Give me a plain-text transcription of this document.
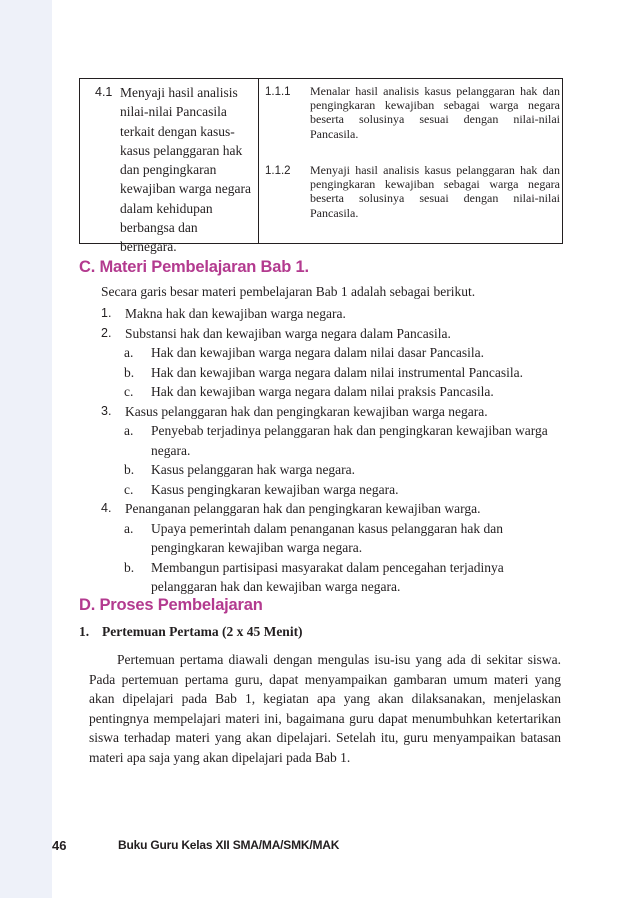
4.1 Menyaji hasil analisis nilai-nilai Pancasila terkait dengan kasus-kasus pelanggaran hak dan pengingkaran kewajiban warga negara dalam kehidupan berbangsa dan bernegara.
1.1.1 Menalar hasil analisis kasus pelanggaran hak dan pengingkaran kewajiban sebagai warga negara beserta solusinya sesuai dengan nilai-nilai Pancasila.
1.1.2 Menyaji hasil analisis kasus pelanggaran hak dan pengingkaran kewajiban sebagai warga negara beserta solusinya sesuai dengan nilai-nilai Pancasila.
C. Materi Pembelajaran Bab 1.
Secara garis besar materi pembelajaran Bab 1 adalah sebagai berikut.
1.	Makna hak dan kewajiban warga negara.
2.	Substansi hak dan kewajiban warga negara dalam Pancasila.
a.	Hak dan kewajiban warga negara dalam nilai dasar Pancasila.
b.	Hak dan kewajiban warga negara dalam nilai instrumental Pancasila.
c.	Hak dan kewajiban warga negara dalam nilai praksis Pancasila.
3.	Kasus pelanggaran hak dan pengingkaran kewajiban warga negara.
a.	Penyebab terjadinya pelanggaran hak dan pengingkaran kewajiban warga negara.
b.	Kasus pelanggaran hak warga negara.
c.	Kasus pengingkaran kewajiban warga negara.
4.	Penanganan pelanggaran hak dan pengingkaran kewajiban warga.
a.	Upaya pemerintah dalam penanganan kasus pelanggaran hak dan pengingkaran kewajiban warga negara.
b.	Membangun partisipasi masyarakat dalam pencegahan terjadinya pelanggaran hak dan kewajiban warga negara.
D. Proses Pembelajaran
1. Pertemuan Pertama (2 x 45 Menit)
Pertemuan pertama diawali dengan mengulas isu-isu yang ada di sekitar siswa. Pada pertemuan pertama guru, dapat menyampaikan gambaran umum materi yang akan dipelajari pada Bab 1, kegiatan apa yang akan dilaksanakan, menjelaskan pentingnya mempelajari materi ini, bagaimana guru dapat menumbuhkan ketertarikan siswa terhadap materi yang akan dipelajari. Setelah itu, guru menyampaikan batasan materi apa saja yang akan dipelajari pada Bab 1.
46	Buku Guru Kelas XII SMA/MA/SMK/MAK
